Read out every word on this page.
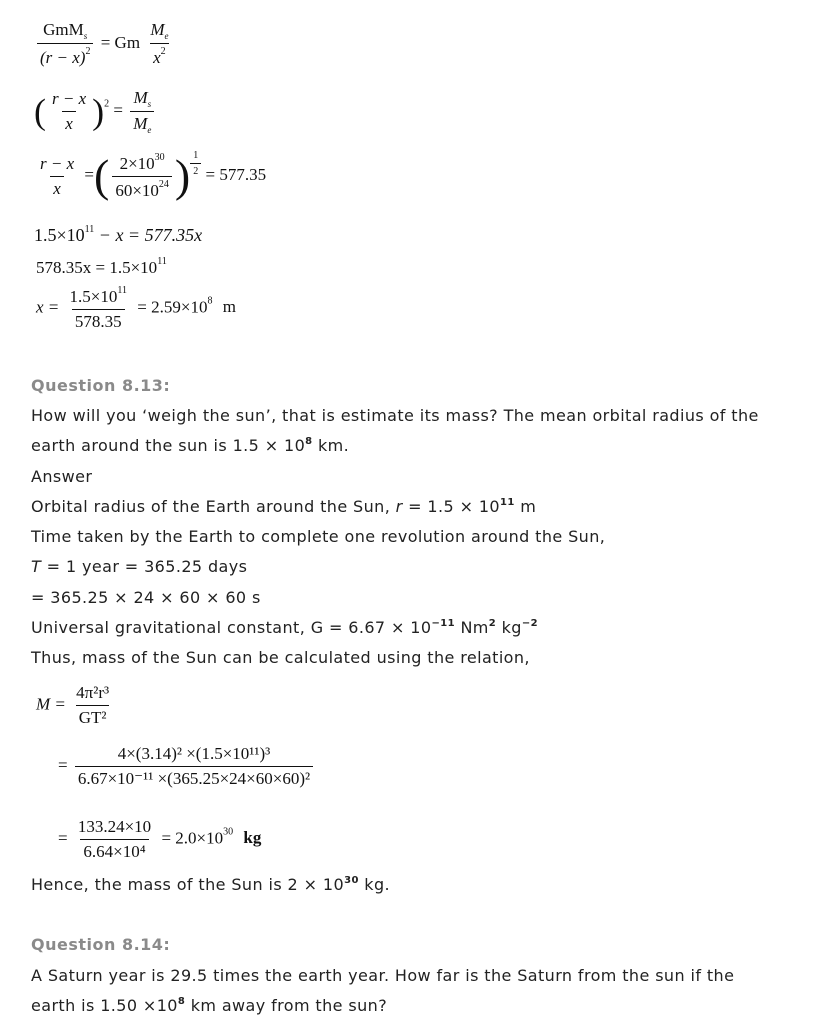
$\frac{GmM_s}{(r - x)^2} = Gm \frac{M_e}{x^2}$
( $\frac{r - x}{x} )^2 = \frac{M_s}{M_e}$
$\frac{r - x}{x}$ =( $\frac{2\times 10^{30}}{60\times 10^{24}}$ ) $\frac{1}{2} = 577.35$
$1.5\times 10^{11} - x = 577.35x$
$578.35x = 1.5\times 10^{11}$
$x = \frac{1.5\times 10^{11}}{578.35} = 2.59\times 10^8$ m
Question 8.13:
How will you ‘weigh the sun’, that is estimate its mass? The mean orbital radius of the
earth around the sun is $1.5 \times 10^8$ km.
Answer
Orbital radius of the Earth around the Sun, $r = 1.5 \times 10^{11}$ m
Time taken by the Earth to complete one revolution around the Sun,
T = 1 year = 365.25 days
= 365.25 × 24 × 60 × 60 s
Universal gravitational constant, $G = 6.67 \times 10^{-11}$ Nm$^2$ $kg^{-2}$
Thus, mass of the Sun can be calculated using the relation,
$M = \frac{\text{4π²r³}}{\text{GT²}}$
= $\frac{\text{4×(3.14)² ×(1.5×10¹¹)³}}{\text{6.67×10⁻¹¹ ×(365.25×24×60×60)²}}$
= $\frac{133.24\times 10}{\text{6.64×10⁴}} = 2.0\times 10^{30}$ kg
Hence, the mass of the Sun is $2 \times 10^{30}$ kg.
Question 8.14:
A Saturn year is 29.5 times the earth year. How far is the Saturn from the sun if the
earth is $1.50 \times 10^8$ km away from the sun?
